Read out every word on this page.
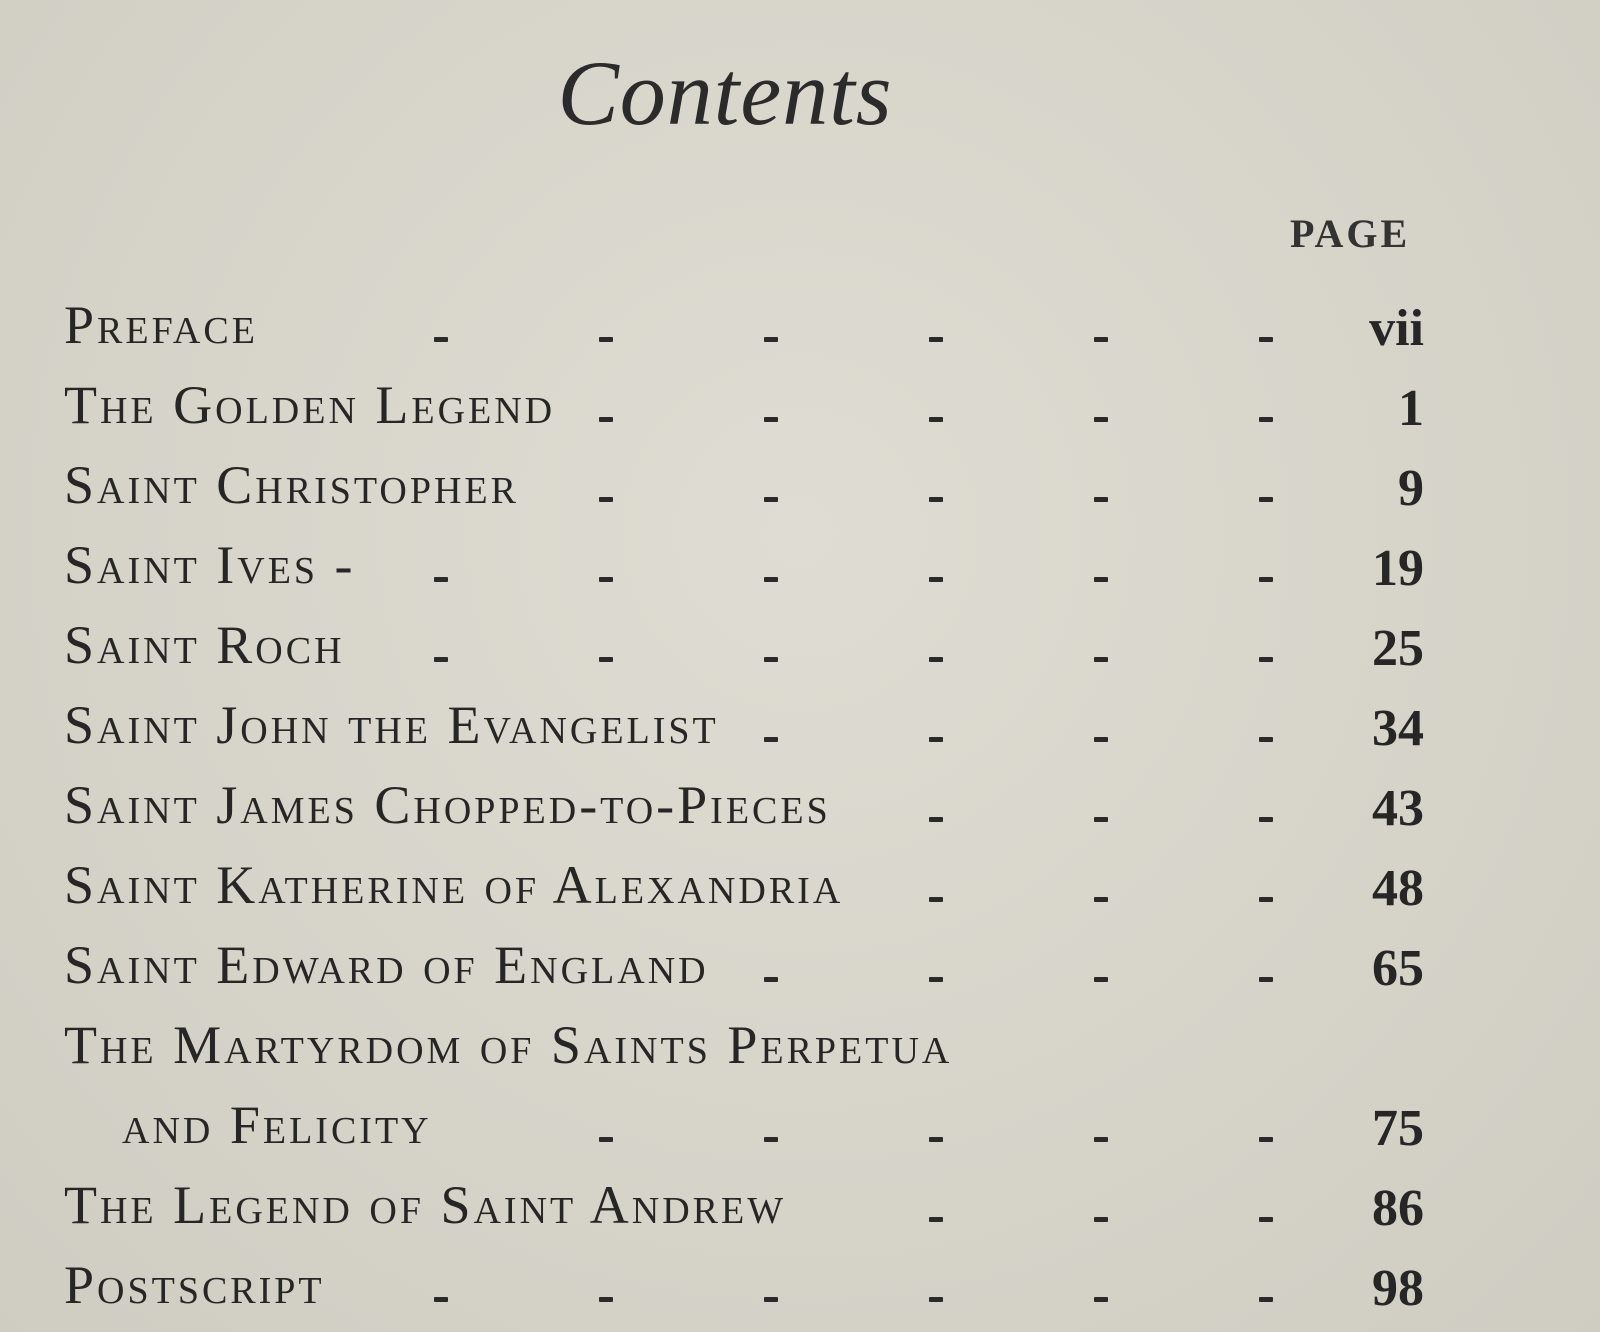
Contents
PAGE
Preface	vii
The Golden Legend	1
Saint Christopher	9
Saint Ives -	19
Saint Roch	25
Saint John the Evangelist	34
Saint James Chopped-to-Pieces	43
Saint Katherine of Alexandria	48
Saint Edward of England	65
The Martyrdom of Saints Perpetua
and Felicity	75
The Legend of Saint Andrew	86
Postscript	98
